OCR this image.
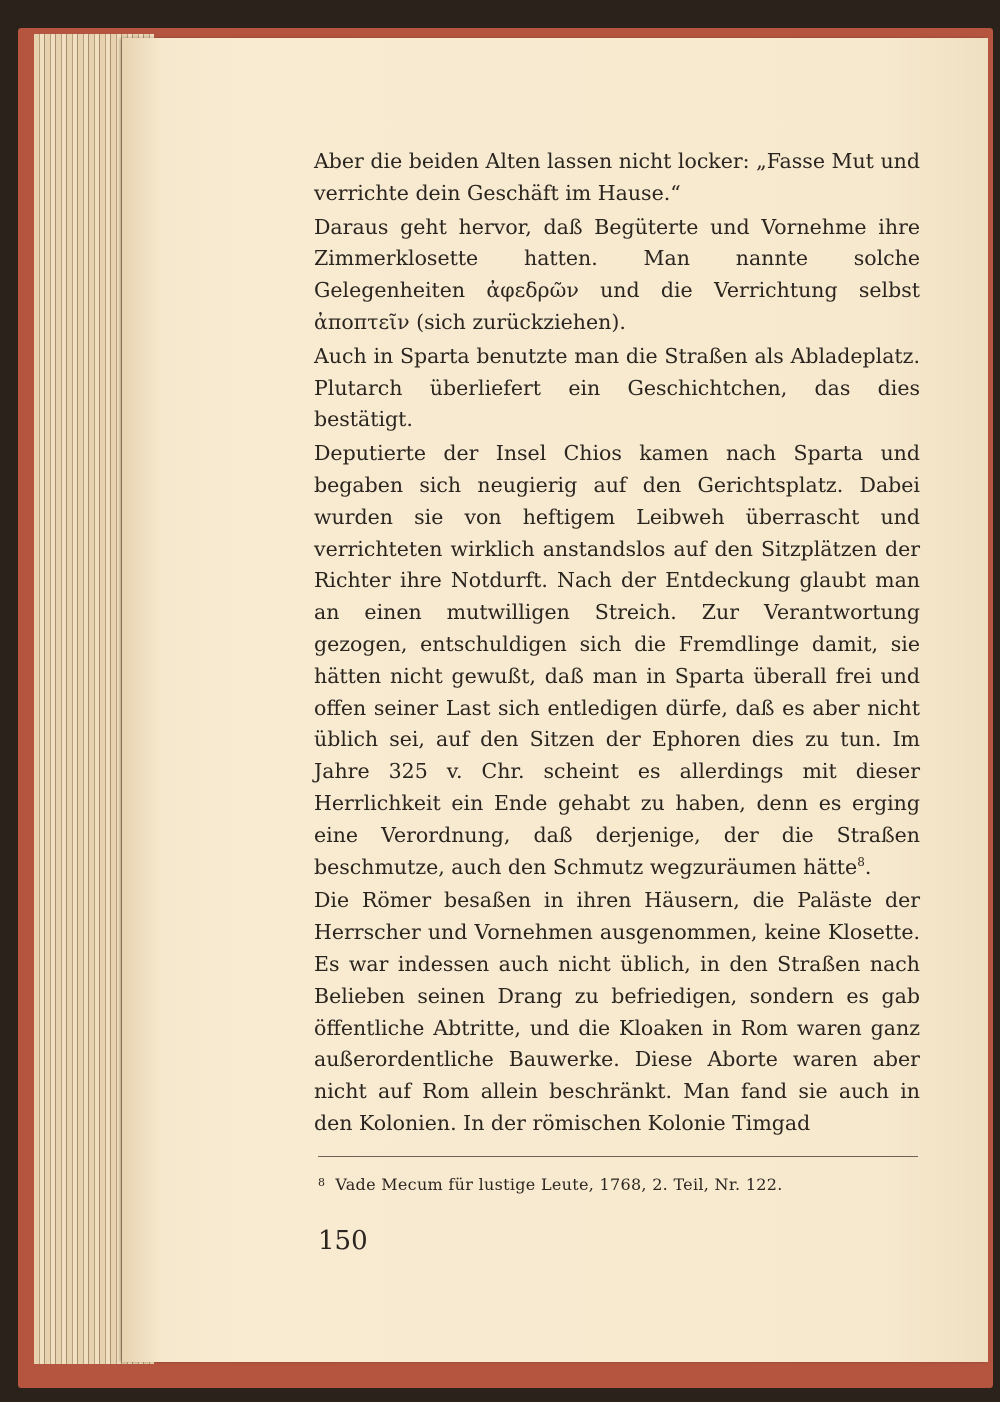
Aber die beiden Alten lassen nicht locker: „Fasse Mut und verrichte dein Geschäft im Hause.“

Daraus geht hervor, daß Begüterte und Vornehme ihre Zimmerklosette hatten. Man nannte solche Gelegenheiten ἀφεδρῶν und die Verrichtung selbst ἀποπτεῖν (sich zurückziehen).

Auch in Sparta benutzte man die Straßen als Abladeplatz. Plutarch überliefert ein Geschichtchen, das dies bestätigt.

Deputierte der Insel Chios kamen nach Sparta und begaben sich neugierig auf den Gerichtsplatz. Dabei wurden sie von heftigem Leibweh überrascht und verrichteten wirklich anstandslos auf den Sitzplätzen der Richter ihre Notdurft. Nach der Entdeckung glaubt man an einen mutwilligen Streich. Zur Verantwortung gezogen, entschuldigen sich die Fremdlinge damit, sie hätten nicht gewußt, daß man in Sparta überall frei und offen seiner Last sich entledigen dürfe, daß es aber nicht üblich sei, auf den Sitzen der Ephoren dies zu tun. Im Jahre 325 v. Chr. scheint es allerdings mit dieser Herrlichkeit ein Ende gehabt zu haben, denn es erging eine Verordnung, daß derjenige, der die Straßen beschmutze, auch den Schmutz wegzuräumen hätte$^8$.

Die Römer besaßen in ihren Häusern, die Paläste der Herrscher und Vornehmen ausgenommen, keine Klosette. Es war indessen auch nicht üblich, in den Straßen nach Belieben seinen Drang zu befriedigen, sondern es gab öffentliche Abtritte, und die Kloaken in Rom waren ganz außerordentliche Bauwerke. Diese Aborte waren aber nicht auf Rom allein beschränkt. Man fand sie auch in den Kolonien. In der römischen Kolonie Timgad

$^8$ Vade Mecum für lustige Leute, 1768, 2. Teil, Nr. 122.
150
